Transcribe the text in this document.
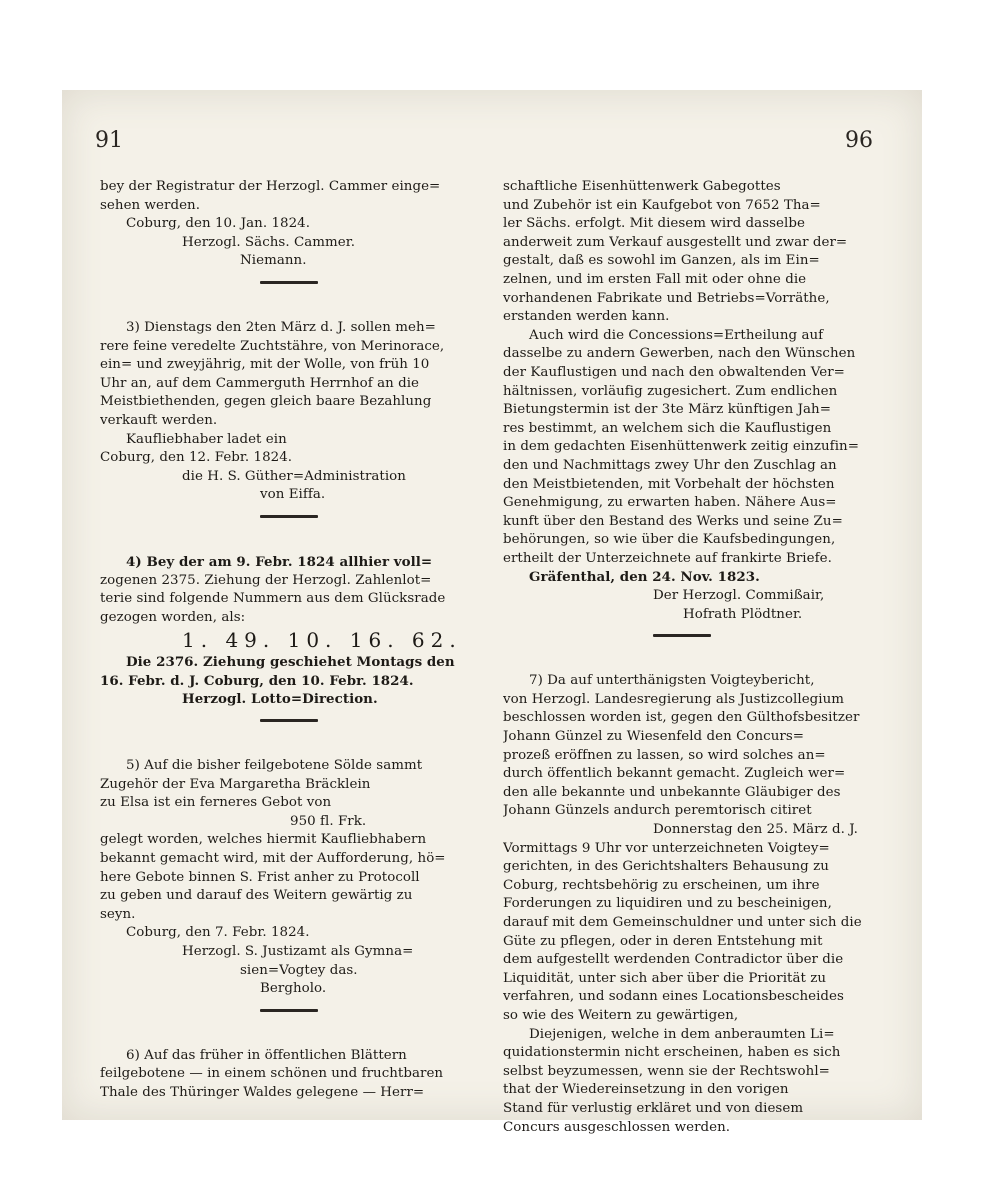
91	96
bey der Registratur der Herzogl. Cammer einge=
sehen werden.
Coburg, den 10. Jan. 1824.
Herzogl. Sächs. Cammer.
Niemann.
3) Dienstags den 2ten März d. J. sollen meh=
rere feine veredelte Zuchtstähre, von Merinorace,
ein= und zweyjährig, mit der Wolle, von früh 10
Uhr an, auf dem Cammerguth Herrnhof an die
Meistbiethenden, gegen gleich baare Bezahlung
verkauft werden.
Kaufliebhaber ladet ein
Coburg, den 12. Febr. 1824.
die H. S. Güther=Administration
von Eiffa.
4) Bey der am 9. Febr. 1824 allhier voll=
zogenen 2375. Ziehung der Herzogl. Zahlenlot=
terie sind folgende Nummern aus dem Glücksrade
gezogen worden, als:
1. 49. 10. 16. 62.
Die 2376. Ziehung geschiehet Montags den
16. Febr. d. J. Coburg, den 10. Febr. 1824.
Herzogl. Lotto=Direction.
5) Auf die bisher feilgebotene Sölde sammt
Zugehör der Eva Margaretha Bräcklein
zu Elsa ist ein ferneres Gebot von
950 fl. Frk.
gelegt worden, welches hiermit Kaufliebhabern
bekannt gemacht wird, mit der Aufforderung, hö=
here Gebote binnen S. Frist anher zu Protocoll
zu geben und darauf des Weitern gewärtig zu
seyn.
Coburg, den 7. Febr. 1824.
Herzogl. S. Justizamt als Gymna=
sien=Vogtey das.
Bergholo.
6) Auf das früher in öffentlichen Blättern
feilgebotene — in einem schönen und fruchtbaren
Thale des Thüringer Waldes gelegene — Herr=
schaftliche Eisenhüttenwerk Gabegottes
und Zubehör ist ein Kaufgebot von 7652 Tha=
ler Sächs. erfolgt. Mit diesem wird dasselbe
anderweit zum Verkauf ausgestellt und zwar der=
gestalt, daß es sowohl im Ganzen, als im Ein=
zelnen, und im ersten Fall mit oder ohne die
vorhandenen Fabrikate und Betriebs=Vorräthe,
erstanden werden kann.
Auch wird die Concessions=Ertheilung auf
dasselbe zu andern Gewerben, nach den Wünschen
der Kauflustigen und nach den obwaltenden Ver=
hältnissen, vorläufig zugesichert. Zum endlichen
Bietungstermin ist der 3te März künftigen Jah=
res bestimmt, an welchem sich die Kauflustigen
in dem gedachten Eisenhüttenwerk zeitig einzufin=
den und Nachmittags zwey Uhr den Zuschlag an
den Meistbietenden, mit Vorbehalt der höchsten
Genehmigung, zu erwarten haben. Nähere Aus=
kunft über den Bestand des Werks und seine Zu=
behörungen, so wie über die Kaufsbedingungen,
ertheilt der Unterzeichnete auf frankirte Briefe.
Gräfenthal, den 24. Nov. 1823.
Der Herzogl. Commißair,
Hofrath Plödtner.
7) Da auf unterthänigsten Voigteybericht,
von Herzogl. Landesregierung als Justizcollegium
beschlossen worden ist, gegen den Gülthofsbesitzer
Johann Günzel zu Wiesenfeld den Concurs=
prozeß eröffnen zu lassen, so wird solches an=
durch öffentlich bekannt gemacht. Zugleich wer=
den alle bekannte und unbekannte Gläubiger des
Johann Günzels andurch peremtorisch citiret
Donnerstag den 25. März d. J.
Vormittags 9 Uhr vor unterzeichneten Voigtey=
gerichten, in des Gerichtshalters Behausung zu
Coburg, rechtsbehörig zu erscheinen, um ihre
Forderungen zu liquidiren und zu bescheinigen,
darauf mit dem Gemeinschuldner und unter sich die
Güte zu pflegen, oder in deren Entstehung mit
dem aufgestellt werdenden Contradictor über die
Liquidität, unter sich aber über die Priorität zu
verfahren, und sodann eines Locationsbescheides
so wie des Weitern zu gewärtigen,
Diejenigen, welche in dem anberaumten Li=
quidationstermin nicht erscheinen, haben es sich
selbst beyzumessen, wenn sie der Rechtswohl=
that der Wiedereinsetzung in den vorigen
Stand für verlustig erkläret und von diesem
Concurs ausgeschlossen werden.
